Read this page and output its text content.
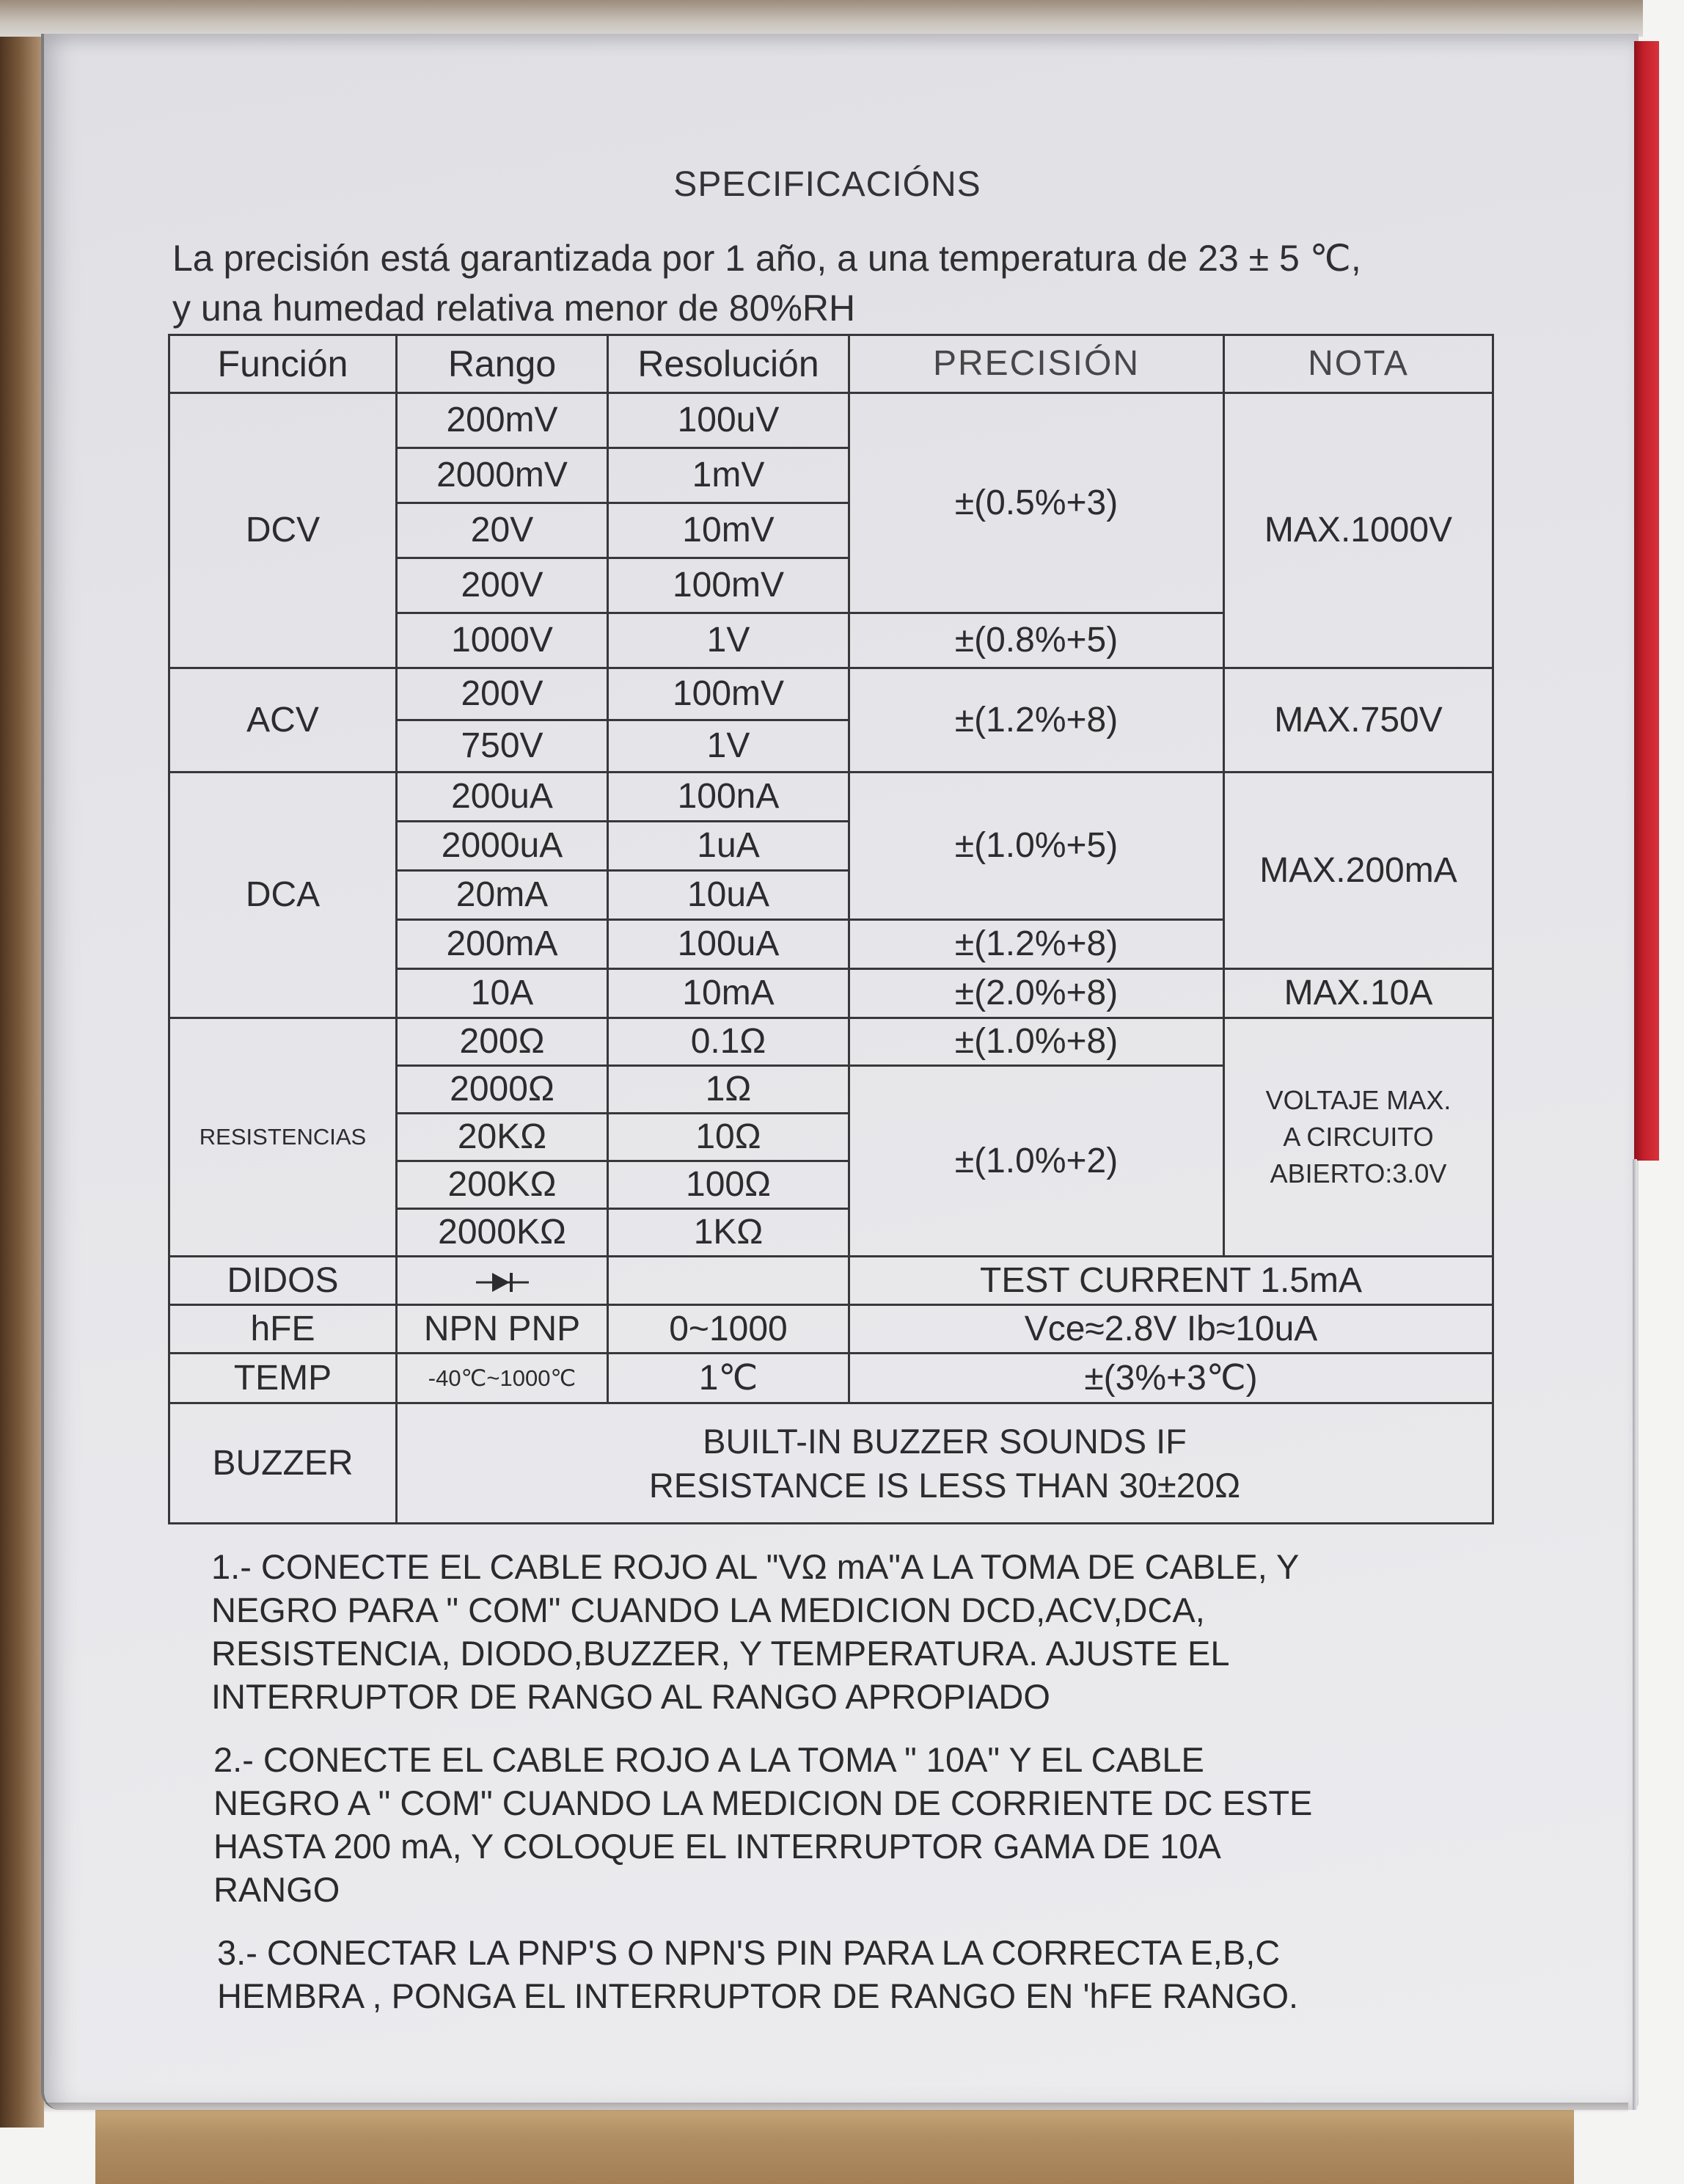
SPECIFICACIÓNS
La precisión está garantizada por 1 año, a una temperatura de 23 ± 5 ℃,
y una humedad relativa menor de 80%RH
Función	Rango	Resolución	PRECISIÓN	NOTA
DCV	200mV	100uV	±(0.5%+3)	MAX.1000V
	2000mV	1mV		
	20V	10mV		
	200V	100mV		
	1000V	1V	±(0.8%+5)	
ACV	200V	100mV	±(1.2%+8)	MAX.750V
	750V	1V		
DCA	200uA	100nA	±(1.0%+5)	MAX.200mA
	2000uA	1uA		
	20mA	10uA		
	200mA	100uA	±(1.2%+8)	
	10A	10mA	±(2.0%+8)	MAX.10A
RESISTENCIAS	200Ω	0.1Ω	±(1.0%+8)	VOLTAJE MAX.
A CIRCUITO
ABIERTO:3.0V

	2000Ω	1Ω	±(1.0%+2)	
	20KΩ	10Ω		
	200KΩ	100Ω		
	2000KΩ	1KΩ		
DIDOS			TEST CURRENT 1.5mA	
hFE	NPN PNP	0~1000	Vce≈2.8V Ib≈10uA	
TEMP	-40℃~1000℃	1℃	±(3%+3℃)	
BUZZER	BUILT-IN BUZZER SOUNDS IF
RESISTANCE IS LESS THAN 30±20Ω			
1.- CONECTE EL CABLE ROJO AL "VΩ mA"A LA TOMA DE CABLE, Y
NEGRO PARA " COM" CUANDO LA MEDICION DCD,ACV,DCA,
RESISTENCIA, DIODO,BUZZER, Y TEMPERATURA. AJUSTE EL
INTERRUPTOR DE RANGO AL RANGO APROPIADO
2.- CONECTE EL CABLE ROJO A LA TOMA " 10A" Y EL CABLE
NEGRO A " COM" CUANDO LA MEDICION DE CORRIENTE DC ESTE
HASTA 200 mA, Y COLOQUE EL INTERRUPTOR GAMA DE 10A
RANGO
3.- CONECTAR LA PNP'S O NPN'S PIN PARA LA CORRECTA E,B,C
HEMBRA , PONGA EL INTERRUPTOR DE RANGO EN 'hFE RANGO.
